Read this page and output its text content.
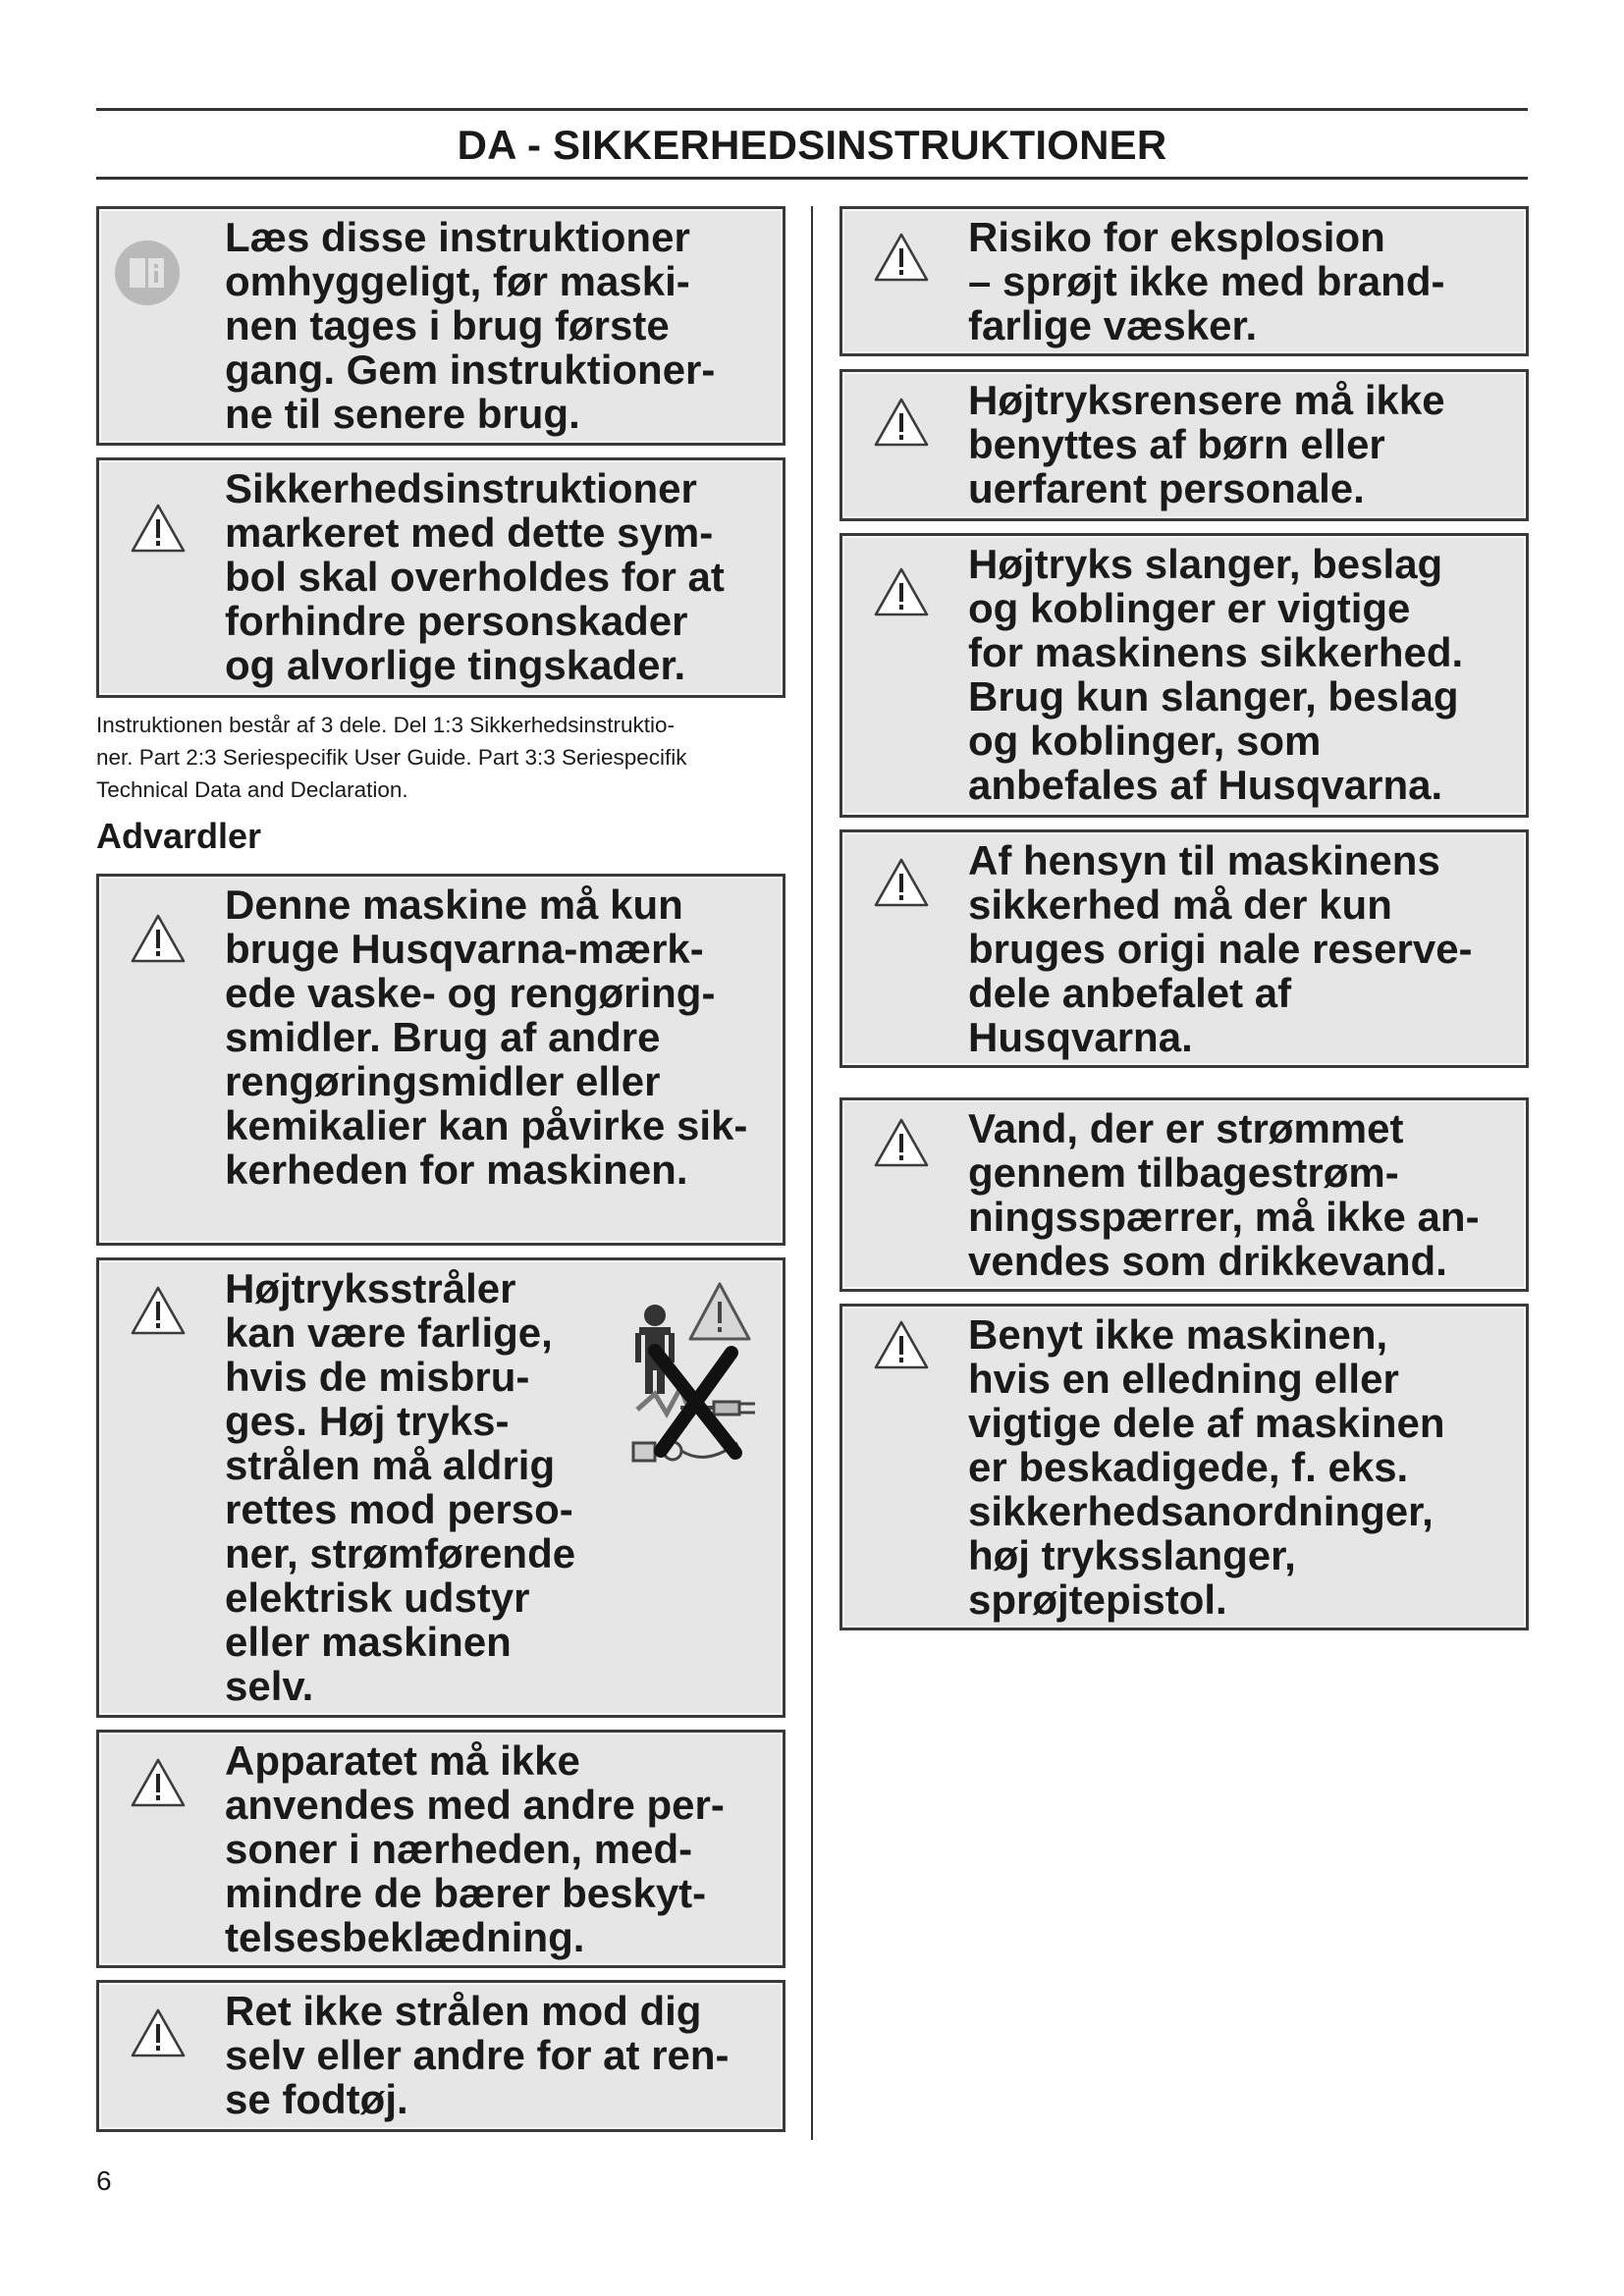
DA - SIKKERHEDSINSTRUKTIONER

Læs disse instruktioner
omhyggeligt, før maski-
nen tages i brug første
gang. Gem instruktioner-
ne til senere brug.

Sikkerhedsinstruktioner
markeret med dette sym-
bol skal overholdes for at
forhindre personskader
og alvorlige tingskader.

Instruktionen består af 3 dele. Del 1:3 Sikkerhedsinstruktio-
ner. Part 2:3 Seriespecifik User Guide. Part 3:3 Seriespecifik
Technical Data and Declaration.

Advardler

Denne maskine må kun
bruge Husqvarna-mærk-
ede vaske- og rengøring-
smidler. Brug af andre
rengøringsmidler eller
kemikalier kan påvirke sik-
kerheden for maskinen.

Højtryksstråler
kan være farlige,
hvis de misbru-
ges. Høj tryks-
strålen må aldrig
rettes mod perso-
ner, strømførende
elektrisk udstyr
eller maskinen
selv.

Apparatet må ikke
anvendes med andre per-
soner i nærheden, med-
mindre de bærer beskyt-
telsesbeklædning.

Ret ikke strålen mod dig
selv eller andre for at ren-
se fodtøj.

Risiko for eksplosion
– sprøjt ikke med brand-
farlige væsker.

Højtryksrensere må ikke
benyttes af børn eller
uerfarent personale.

Højtryks slanger, beslag
og koblinger er vigtige
for maskinens sikkerhed.
Brug kun slanger, beslag
og koblinger, som
anbefales af Husqvarna.

Af hensyn til maskinens
sikkerhed må der kun
bruges origi nale reserve-
dele anbefalet af
Husqvarna.

Vand, der er strømmet
gennem tilbagestrøm-
ningsspærrer, må ikke an-
vendes som drikkevand.

Benyt ikke maskinen,
hvis en elledning eller
vigtige dele af maskinen
er beskadigede, f. eks.
sikkerhedsanordninger,
høj tryksslanger,
sprøjtepistol.

6
